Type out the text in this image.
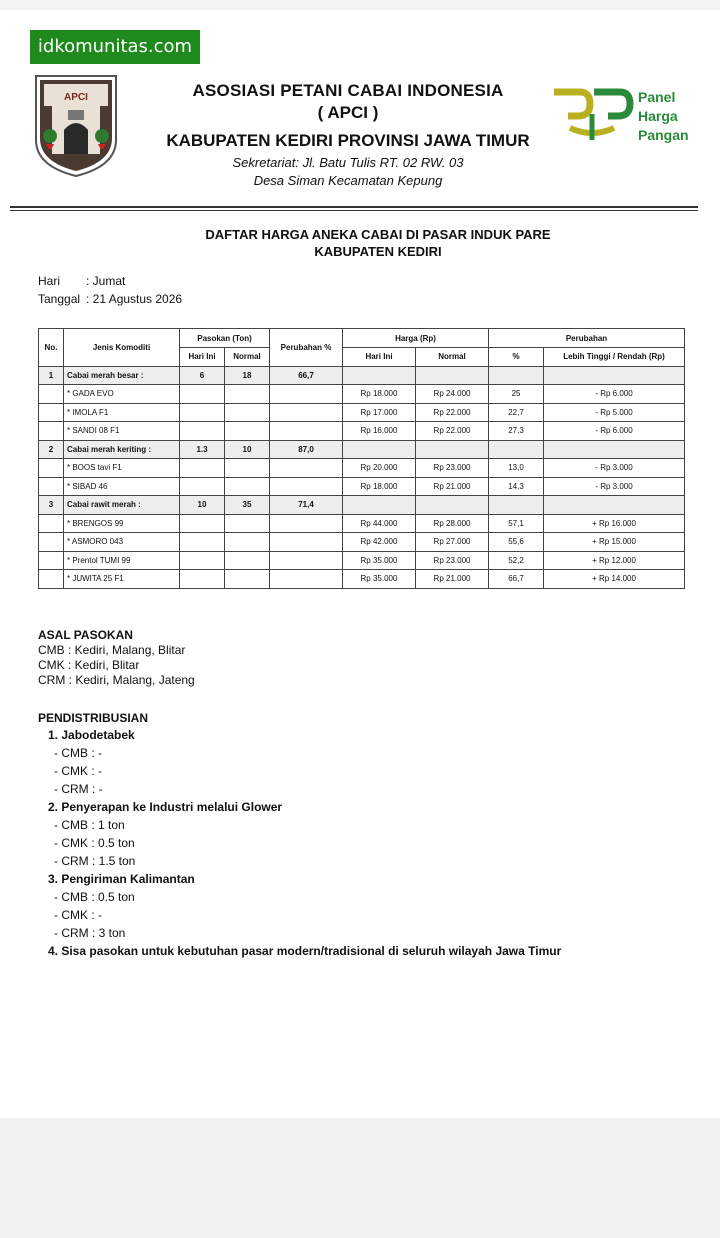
idkomunitas.com
APCI	Panel
Harga
Pangan

ASOSIASI PETANI CABAI INDONESIA

( APCI )

KABUPATEN KEDIRI PROVINSI JAWA TIMUR

Sekretariat: Jl. Batu Tulis RT. 02 RW. 03

Desa Siman Kecamatan Kepung

DAFTAR HARGA ANEKA CABAI DI PASAR INDUK PARE
KABUPATEN KEDIRI
Hari : Jumat
Tanggal : 21 Agustus 2026
No.	Jenis Komoditi	Pasokan (Ton)		Perubahan %	Harga (Rp)		Perubahan	
		Hari Ini	Normal		Hari Ini	Normal	%	Lebih Tinggi / Rendah (Rp)
1	Cabai merah besar :	6	18	66,7				
	* GADA EVO				Rp 18.000	Rp 24.000	25	- Rp 6.000
	* IMOLA F1				Rp 17.000	Rp 22.000	22,7	- Rp 5.000
	* SANDI 08 F1				Rp 16.000	Rp 22.000	27,3	- Rp 6.000
2	Cabai merah keriting :	1.3	10	87,0				
	* BOOS tavi F1				Rp 20.000	Rp 23.000	13,0	- Rp 3.000
	* SIBAD 46				Rp 18.000	Rp 21.000	14,3	- Rp 3.000
3	Cabai rawit merah :	10	35	71,4				
	* BRENGOS 99				Rp 44.000	Rp 28.000	57,1	+ Rp 16.000
	* ASMORO 043				Rp 42.000	Rp 27.000	55,6	+ Rp 15.000
	* Prentol TUMI 99				Rp 35.000	Rp 23.000	52,2	+ Rp 12.000
	* JUWITA 25 F1				Rp 35.000	Rp 21.000	66,7	+ Rp 14.000
ASAL PASOKAN
CMB : Kediri, Malang, Blitar
CMK : Kediri, Blitar
CRM : Kediri, Malang, Jateng
PENDISTRIBUSIAN
1. Jabodetabek
- CMB : -
- CMK : -
- CRM : -
2. Penyerapan ke Industri melalui Glower
- CMB : 1 ton
- CMK : 0.5 ton
- CRM : 1.5 ton
3. Pengiriman Kalimantan
- CMB : 0.5 ton
- CMK : -
- CRM : 3 ton
4. Sisa pasokan untuk kebutuhan pasar modern/tradisional di seluruh wilayah Jawa Timur
